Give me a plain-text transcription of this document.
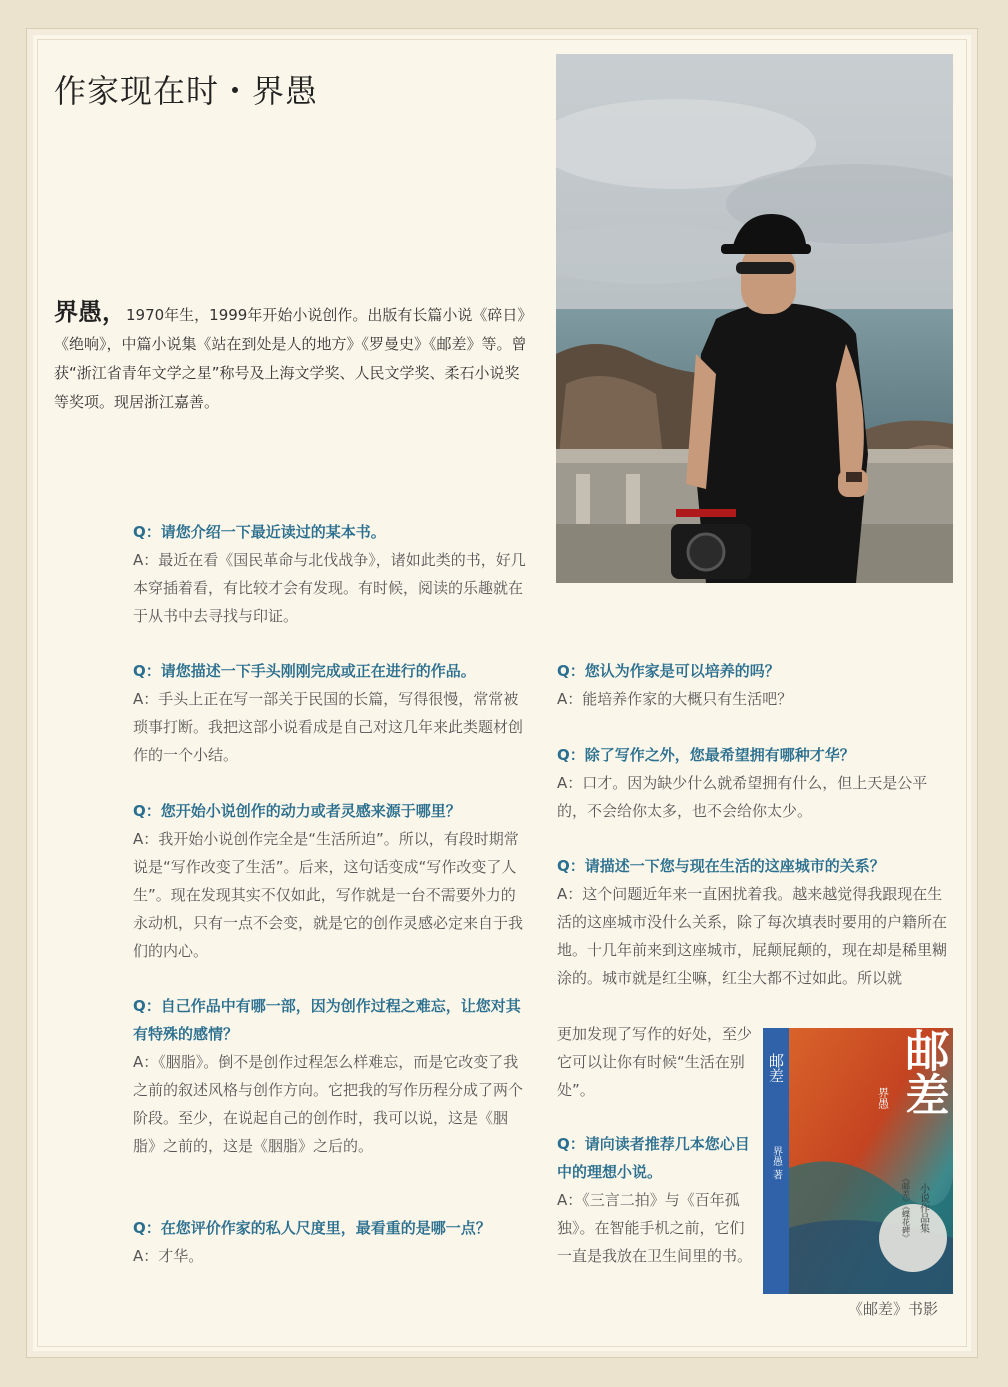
作家现在时・界愚
界愚，1970年生，1999年开始小说创作。出版有长篇小说《碎日》《绝响》，中篇小说集《站在到处是人的地方》《罗曼史》《邮差》等。曾获“浙江省青年文学之星”称号及上海文学奖、人民文学奖、柔石小说奖等奖项。现居浙江嘉善。
Q：请您介绍一下最近读过的某本书。
A：最近在看《国民革命与北伐战争》，诸如此类的书，好几本穿插着看，有比较才会有发现。有时候，阅读的乐趣就在于从书中去寻找与印证。
Q：请您描述一下手头刚刚完成或正在进行的作品。
A：手头上正在写一部关于民国的长篇，写得很慢，常常被琐事打断。我把这部小说看成是自己对这几年来此类题材创作的一个小结。
Q：您开始小说创作的动力或者灵感来源于哪里？
A：我开始小说创作完全是“生活所迫”。所以，有段时期常说是“写作改变了生活”。后来，这句话变成“写作改变了人生”。现在发现其实不仅如此，写作就是一台不需要外力的永动机，只有一点不会变，就是它的创作灵感必定来自于我们的内心。
Q：自己作品中有哪一部，因为创作过程之难忘，让您对其有特殊的感情？
A：《胭脂》。倒不是创作过程怎么样难忘，而是它改变了我之前的叙述风格与创作方向。它把我的写作历程分成了两个阶段。至少，在说起自己的创作时，我可以说，这是《胭脂》之前的，这是《胭脂》之后的。
Q：在您评价作家的私人尺度里，最看重的是哪一点？
A：才华。
Q：您认为作家是可以培养的吗？
A：能培养作家的大概只有生活吧？
Q：除了写作之外，您最希望拥有哪种才华？
A：口才。因为缺少什么就希望拥有什么，但上天是公平的，不会给你太多，也不会给你太少。
Q：请描述一下您与现在生活的这座城市的关系？
A：这个问题近年来一直困扰着我。越来越觉得我跟现在生活的这座城市没什么关系，除了每次填表时要用的户籍所在地。十几年前来到这座城市，屁颠屁颠的，现在却是稀里糊涂的。城市就是红尘嘛，红尘大都不过如此。所以就
Q：请向读者推荐几本您心目中的理想小说。
A：《三言二拍》与《百年孤独》。在智能手机之前，它们一直是我放在卫生间里的书。
邮差
界愚 著
邮差
界愚
小说作品集
《邮差》《蝶花碑》
《邮差》书影
更加发现了写作的好处，至少它可以让你有时候“生活在别处”。
